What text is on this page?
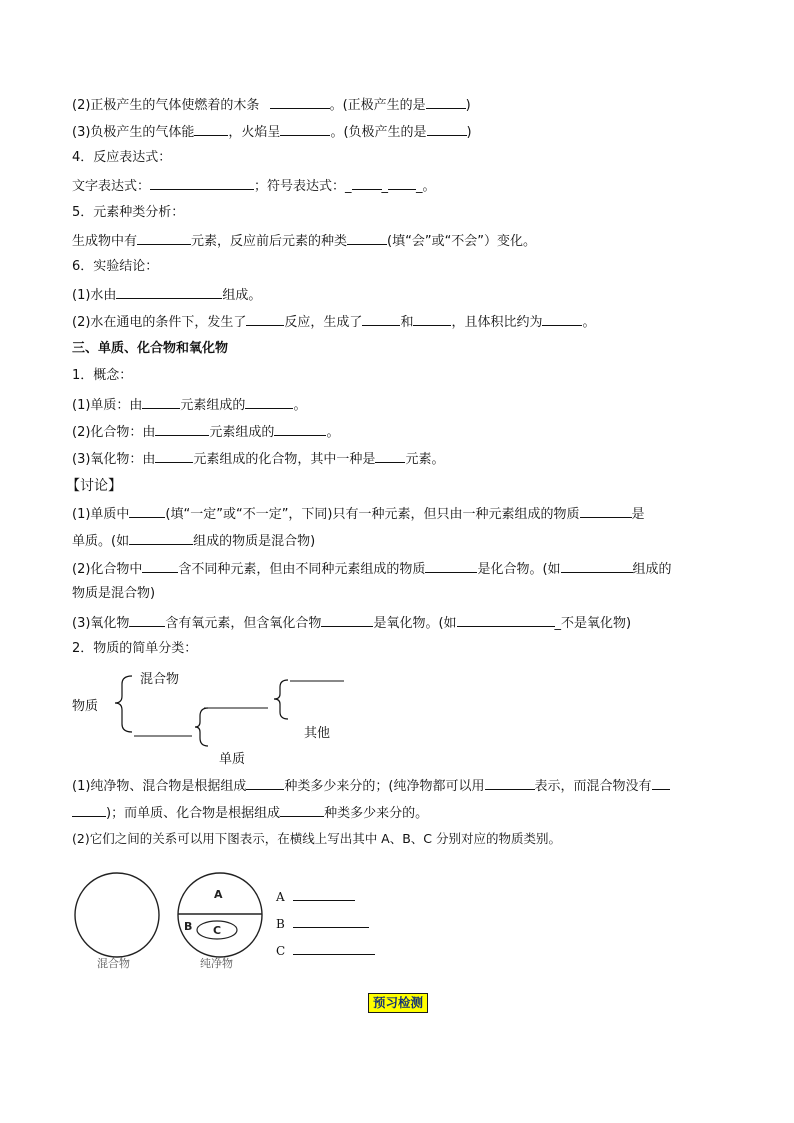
(2)正极产生的气体使燃着的木条	。(正极产生的是	)
(3)负极产生的气体能	，火焰呈	。(负极产生的是	)
4．反应表达式：
文字表达式：	；符号表达式：_ _ _。
5．元素种类分析：
生成物中有	元素，反应前后元素的种类	(填“会”或“不会”）变化。
6．实验结论：
(1)水由	组成。
(2)水在通电的条件下，发生了	反应，生成了	和	，且体积比约为	。
三、单质、化合物和氧化物
1．概念：
(1)单质：由	元素组成的	。
(2)化合物：由	元素组成的	。
(3)氧化物：由	元素组成的化合物，其中一种是 元素。
【讨论】
(1)单质中	(填“一定”或“不一定”，下同)只有一种元素，但只由一种元素组成的物质	是
单质。(如	组成的物质是混合物)
(2)化合物中	含不同种元素，但由不同种元素组成的物质	是化合物。(如	组成的
物质是混合物)
(3)氧化物	含有氧元素，但含氧化合物	是氧化物。(如	_不是氧化物)
2．物质的简单分类：
物质
混合物
其他
单质
(1)纯净物、混合物是根据组成	种类多少来分的；(纯净物都可以用	表示，而混合物没有
)；而单质、化合物是根据组成	种类多少来分的。
(2)它们之间的关系可以用下图表示，在横线上写出其中 A、B、C 分别对应的物质类别。
A
B C
混合物	纯净物
A
B
C
预习检测
